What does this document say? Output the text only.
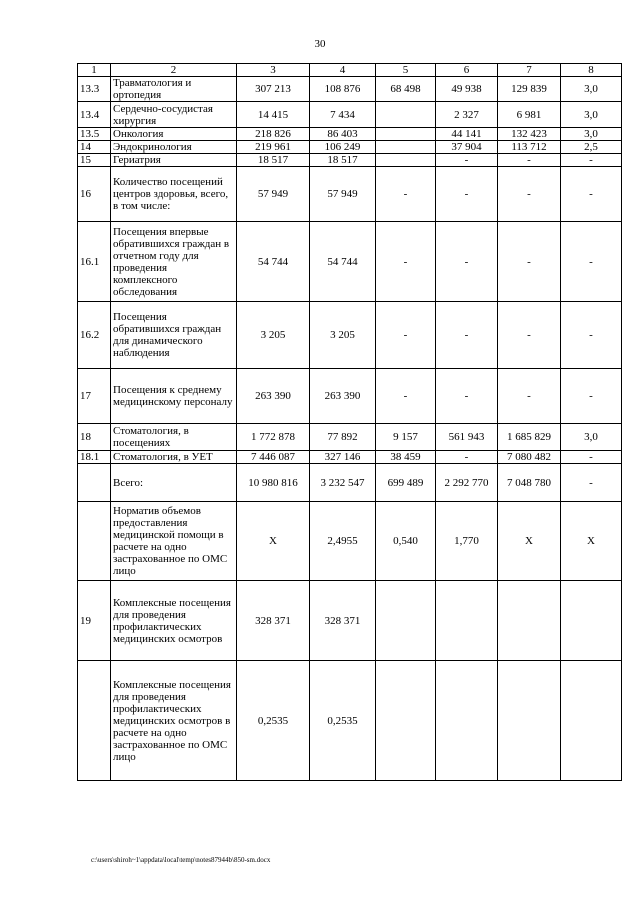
30
1	2	3	4	5	6	7	8
13.3	Травматология и ортопедия	307 213	108 876	68 498	49 938	129 839	3,0
13.4	Сердечно-сосудистая хирургия	14 415	7 434		2 327	6 981	3,0
13.5	Онкология	218 826	86 403		44 141	132 423	3,0
14	Эндокринология	219 961	106 249		37 904	113 712	2,5
15	Гериатрия	18 517	18 517		-	-	-
16	Количество посещений центров здоровья, всего, в том числе:	57 949	57 949	-	-	-	-
16.1	Посещения впервые обратившихся граждан в отчетном году для проведения комплексного обследования	54 744	54 744	-	-	-	-
16.2	Посещения обратившихся граждан для динамического наблюдения	3 205	3 205	-	-	-	-
17	Посещения к среднему медицинскому персоналу	263 390	263 390	-	-	-	-
18	Стоматология, в посещениях	1 772 878	77 892	9 157	561 943	1 685 829	3,0
18.1	Стоматология, в УЕТ	7 446 087	327 146	38 459	-	7 080 482	-
	Всего:	10 980 816	3 232 547	699 489	2 292 770	7 048 780	-
	Норматив объемов предоставления медицинской помощи в расчете на одно застрахованное по ОМС лицо	X	2,4955	0,540	1,770	X	X
19	Комплексные посещения для проведения профилактических медицинских осмотров	328 371	328 371				
	Комплексные посещения для проведения профилактических медицинских осмотров в расчете на одно застрахованное по ОМС лицо	0,2535	0,2535				
c:\users\shiroh~1\appdata\local\temp\notes87944b\850-sm.docx
